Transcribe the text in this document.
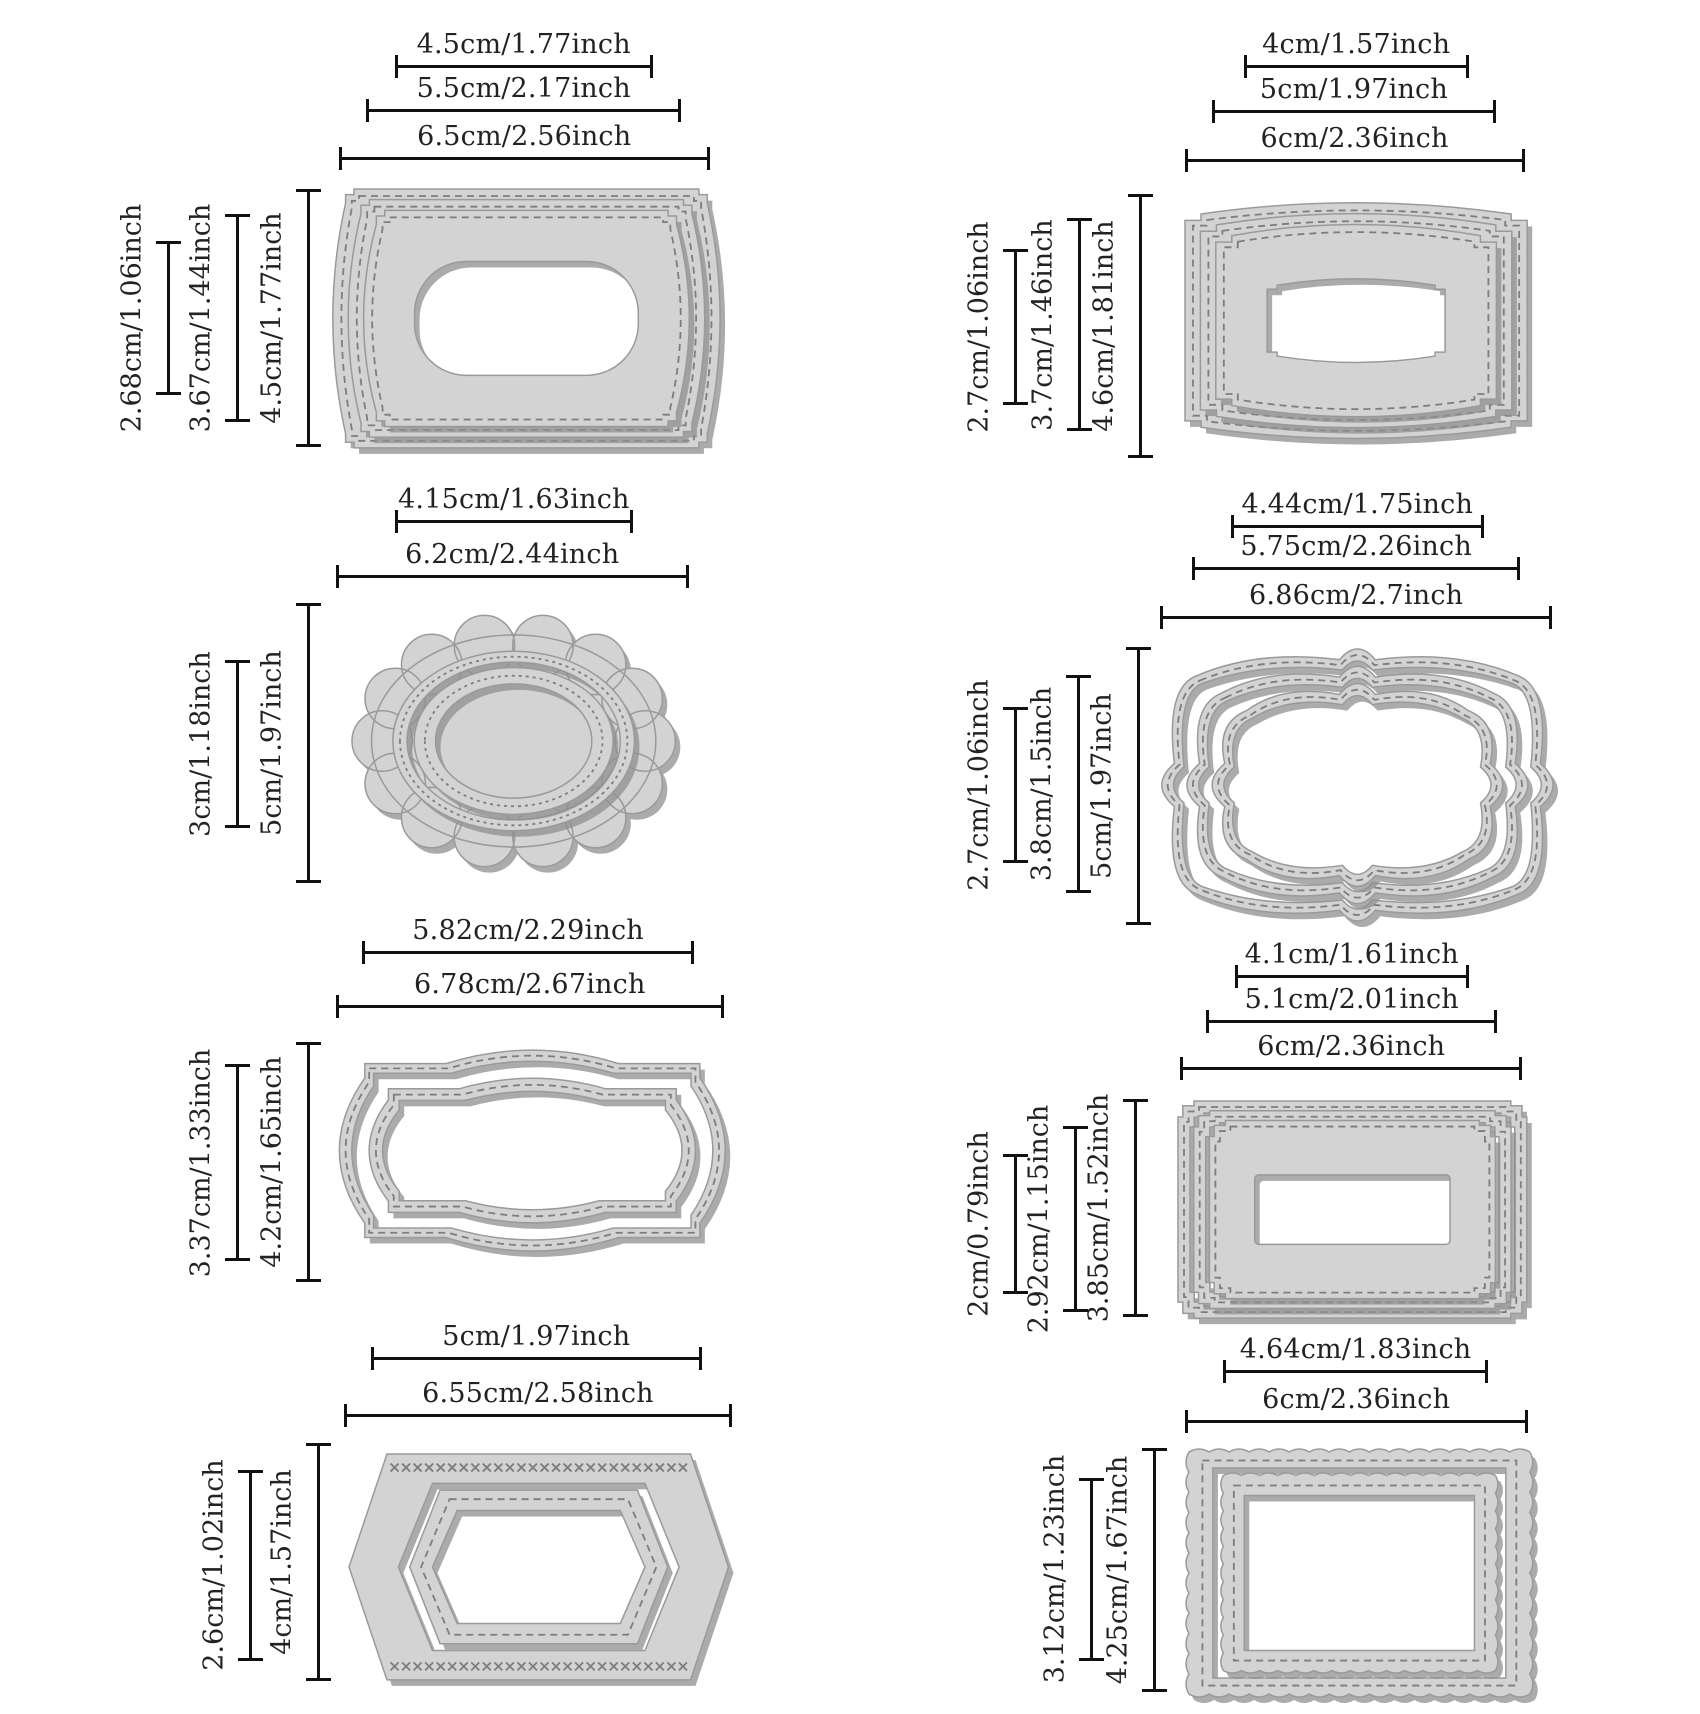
4.5cm/1.77inch
5.5cm/2.17inch
6.5cm/2.56inch
2.68cm/1.06inch 3.67cm/1.44inch 4.5cm/1.77inch
4cm/1.57inch
5cm/1.97inch
6cm/2.36inch
2.7cm/1.06inch 3.7cm/1.46inch 4.6cm/1.81inch
4.15cm/1.63inch
6.2cm/2.44inch
3cm/1.18inch 5cm/1.97inch
4.44cm/1.75inch
5.75cm/2.26inch
6.86cm/2.7inch
2.7cm/1.06inch 3.8cm/1.5inch 5cm/1.97inch
5.82cm/2.29inch
6.78cm/2.67inch
3.37cm/1.33inch 4.2cm/1.65inch
4.1cm/1.61inch
5.1cm/2.01inch
6cm/2.36inch
2cm/0.79inch 2.92cm/1.15inch 3.85cm/1.52inch
5cm/1.97inch
6.55cm/2.58inch
2.6cm/1.02inch 4cm/1.57inch
4.64cm/1.83inch
6cm/2.36inch
3.12cm/1.23inch 4.25cm/1.67inch
